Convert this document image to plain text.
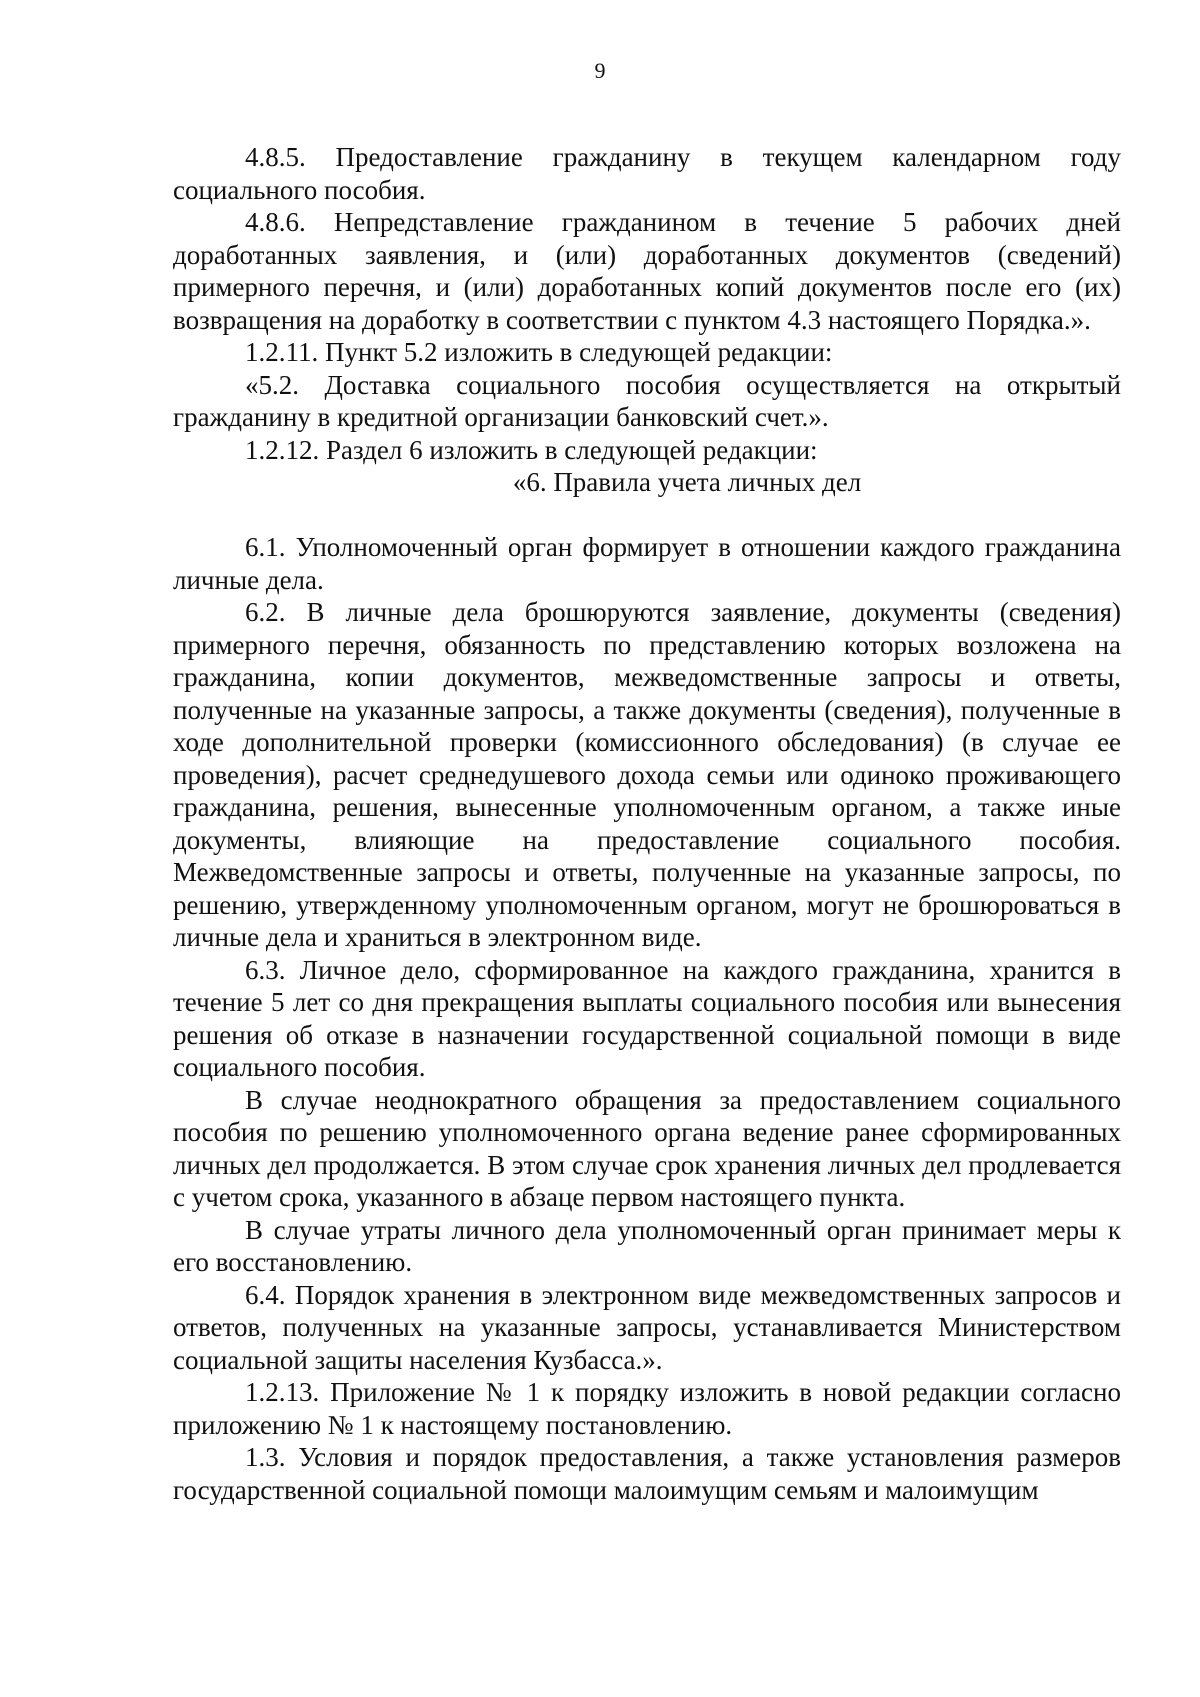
9

4.8.5. Предоставление гражданину в текущем календарном году социального пособия.

4.8.6. Непредставление гражданином в течение 5 рабочих дней доработанных заявления, и (или) доработанных документов (сведений) примерного перечня, и (или) доработанных копий документов после его (их) возвращения на доработку в соответствии с пунктом 4.3 настоящего Порядка.».

1.2.11. Пункт 5.2 изложить в следующей редакции:

«5.2. Доставка социального пособия осуществляется на открытый гражданину в кредитной организации банковский счет.».

1.2.12. Раздел 6 изложить в следующей редакции:

«6. Правила учета личных дел

6.1. Уполномоченный орган формирует в отношении каждого гражданина личные дела.

6.2. В личные дела брошюруются заявление, документы (сведения) примерного перечня, обязанность по представлению которых возложена на гражданина, копии документов, межведомственные запросы и ответы, полученные на указанные запросы, а также документы (сведения), полученные в ходе дополнительной проверки (комиссионного обследования) (в случае ее проведения), расчет среднедушевого дохода семьи или одиноко проживающего гражданина, решения, вынесенные уполномоченным органом, а также иные документы, влияющие на предоставление социального пособия. Межведомственные запросы и ответы, полученные на указанные запросы, по решению, утвержденному уполномоченным органом, могут не брошюроваться в личные дела и храниться в электронном виде.

6.3. Личное дело, сформированное на каждого гражданина, хранится в течение 5 лет со дня прекращения выплаты социального пособия или вынесения решения об отказе в назначении государственной социальной помощи в виде социального пособия.

В случае неоднократного обращения за предоставлением социального пособия по решению уполномоченного органа ведение ранее сформированных личных дел продолжается. В этом случае срок хранения личных дел продлевается с учетом срока, указанного в абзаце первом настоящего пункта.

В случае утраты личного дела уполномоченный орган принимает меры к его восстановлению.

6.4. Порядок хранения в электронном виде межведомственных запросов и ответов, полученных на указанные запросы, устанавливается Министерством социальной защиты населения Кузбасса.».

1.2.13. Приложение № 1 к порядку изложить в новой редакции согласно приложению № 1 к настоящему постановлению.

1.3. Условия и порядок предоставления, а также установления размеров государственной социальной помощи малоимущим семьям и малоимущим
